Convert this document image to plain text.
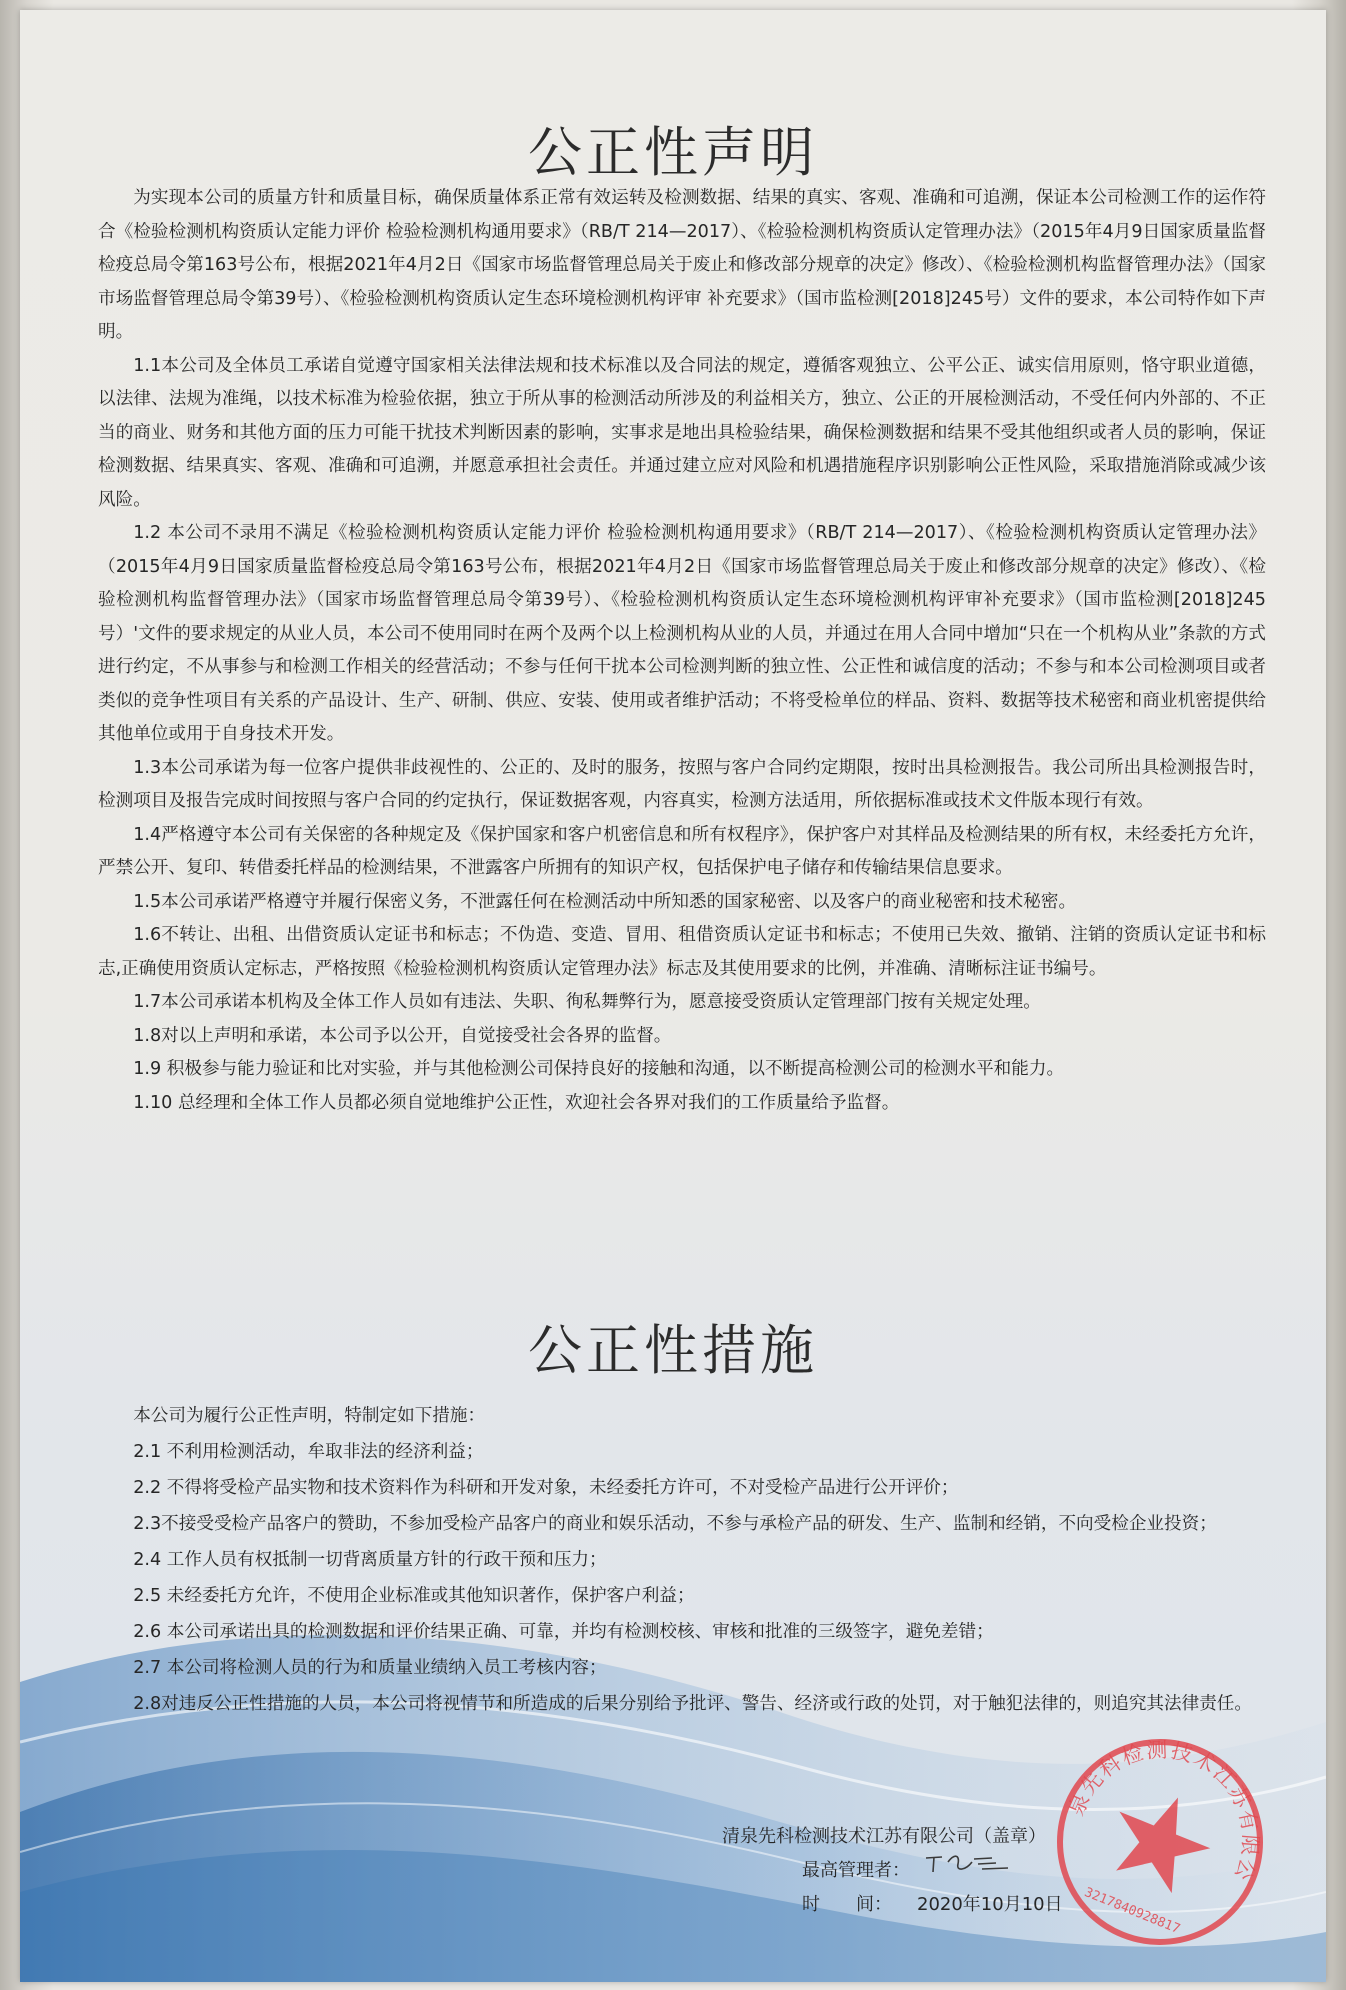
公正性声明

为实现本公司的质量方针和质量目标，确保质量体系正常有效运转及检测数据、结果的真实、客观、准确和可追溯，保证本公司检测工作的运作符合《检验检测机构资质认定能力评价 检验检测机构通用要求》（RB/T 214—2017）、《检验检测机构资质认定管理办法》（2015年4月9日国家质量监督检疫总局令第163号公布，根据2021年4月2日《国家市场监督管理总局关于废止和修改部分规章的决定》修改）、《检验检测机构监督管理办法》（国家市场监督管理总局令第39号）、《检验检测机构资质认定生态环境检测机构评审 补充要求》（国市监检测[2018]245号）文件的要求，本公司特作如下声明。

1.1本公司及全体员工承诺自觉遵守国家相关法律法规和技术标准以及合同法的规定，遵循客观独立、公平公正、诚实信用原则，恪守职业道德，以法律、法规为准绳，以技术标准为检验依据，独立于所从事的检测活动所涉及的利益相关方，独立、公正的开展检测活动，不受任何内外部的、不正当的商业、财务和其他方面的压力可能干扰技术判断因素的影响，实事求是地出具检验结果，确保检测数据和结果不受其他组织或者人员的影响，保证检测数据、结果真实、客观、准确和可追溯，并愿意承担社会责任。并通过建立应对风险和机遇措施程序识别影响公正性风险，采取措施消除或减少该风险。

1.2 本公司不录用不满足《检验检测机构资质认定能力评价 检验检测机构通用要求》（RB/T 214—2017）、《检验检测机构资质认定管理办法》（2015年4月9日国家质量监督检疫总局令第163号公布，根据2021年4月2日《国家市场监督管理总局关于废止和修改部分规章的决定》修改）、《检验检测机构监督管理办法》（国家市场监督管理总局令第39号）、《检验检测机构资质认定生态环境检测机构评审补充要求》（国市监检测[2018]245号）'文件的要求规定的从业人员，本公司不使用同时在两个及两个以上检测机构从业的人员，并通过在用人合同中增加“只在一个机构从业”条款的方式进行约定，不从事参与和检测工作相关的经营活动；不参与任何干扰本公司检测判断的独立性、公正性和诚信度的活动；不参与和本公司检测项目或者类似的竞争性项目有关系的产品设计、生产、研制、供应、安装、使用或者维护活动；不将受检单位的样品、资料、数据等技术秘密和商业机密提供给其他单位或用于自身技术开发。

1.3本公司承诺为每一位客户提供非歧视性的、公正的、及时的服务，按照与客户合同约定期限，按时出具检测报告。我公司所出具检测报告时，检测项目及报告完成时间按照与客户合同的约定执行，保证数据客观，内容真实，检测方法适用，所依据标准或技术文件版本现行有效。

1.4严格遵守本公司有关保密的各种规定及《保护国家和客户机密信息和所有权程序》，保护客户对其样品及检测结果的所有权，未经委托方允许，严禁公开、复印、转借委托样品的检测结果，不泄露客户所拥有的知识产权，包括保护电子储存和传输结果信息要求。

1.5本公司承诺严格遵守并履行保密义务，不泄露任何在检测活动中所知悉的国家秘密、以及客户的商业秘密和技术秘密。

1.6不转让、出租、出借资质认定证书和标志；不伪造、变造、冒用、租借资质认定证书和标志；不使用已失效、撤销、注销的资质认定证书和标志,正确使用资质认定标志，严格按照《检验检测机构资质认定管理办法》标志及其使用要求的比例，并准确、清晰标注证书编号。

1.7本公司承诺本机构及全体工作人员如有违法、失职、徇私舞弊行为，愿意接受资质认定管理部门按有关规定处理。

1.8对以上声明和承诺，本公司予以公开，自觉接受社会各界的监督。

1.9 积极参与能力验证和比对实验，并与其他检测公司保持良好的接触和沟通，以不断提高检测公司的检测水平和能力。

1.10 总经理和全体工作人员都必须自觉地维护公正性，欢迎社会各界对我们的工作质量给予监督。

公正性措施

本公司为履行公正性声明，特制定如下措施：

2.1 不利用检测活动，牟取非法的经济利益；

2.2 不得将受检产品实物和技术资料作为科研和开发对象，未经委托方许可，不对受检产品进行公开评价；

2.3不接受受检产品客户的赞助，不参加受检产品客户的商业和娱乐活动，不参与承检产品的研发、生产、监制和经销，不向受检企业投资；

2.4 工作人员有权抵制一切背离质量方针的行政干预和压力；

2.5 未经委托方允许，不使用企业标准或其他知识著作，保护客户利益；

2.6 本公司承诺出具的检测数据和评价结果正确、可靠，并均有检测校核、审核和批准的三级签字，避免差错；

2.7 本公司将检测人员的行为和质量业绩纳入员工考核内容；

2.8对违反公正性措施的人员，本公司将视情节和所造成的后果分别给予批评、警告、经济或行政的处罚，对于触犯法律的，则追究其法律责任。

清泉先科检测技术江苏有限公司（盖章）
最高管理者：
时　　间： 2020年10月10日
清泉先科检测技术江苏有限公司
3217840928817
